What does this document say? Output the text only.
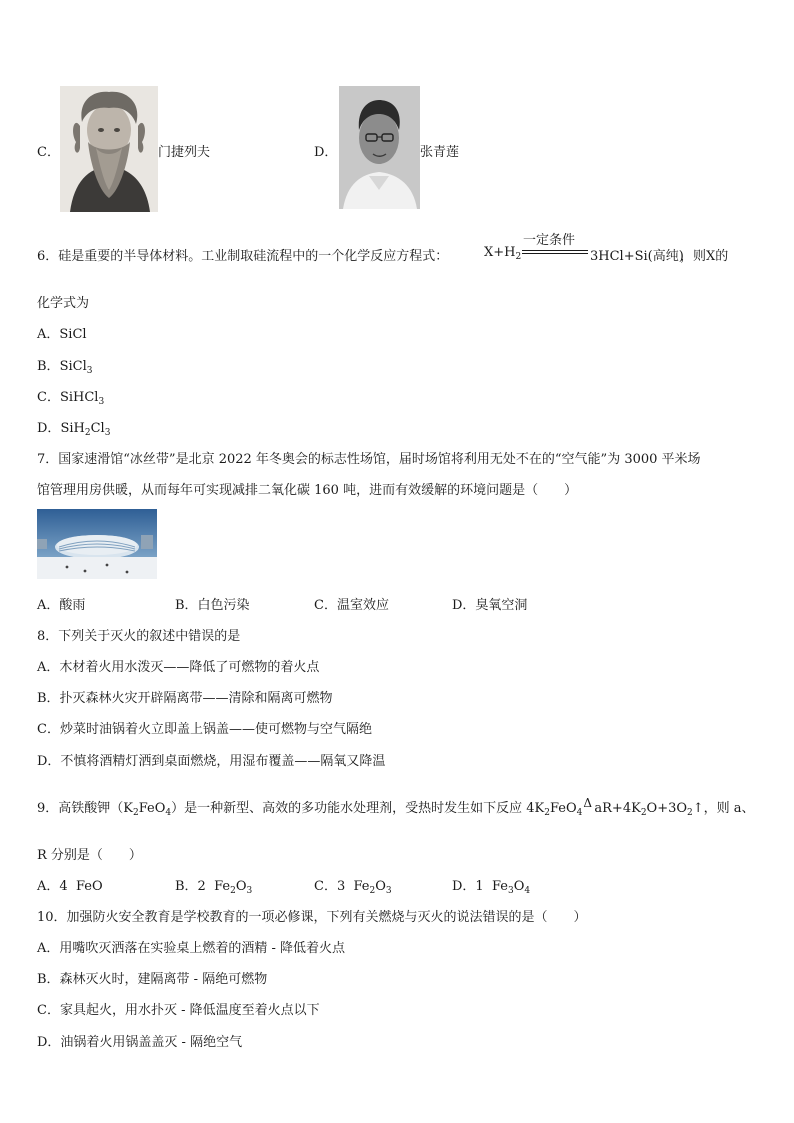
C．	门捷列夫	D．	张青莲
6．硅是重要的半导体材料。工业制取硅流程中的一个化学反应方程式：	$X+H_2$
一定条件
3HCl+Si(高纯)
，则X的
化学式为
A．SiCl
B．SiCl$_3$
C．SiHCl$_3$
D．$SiH_2Cl_3$
7．国家速滑馆“冰丝带”是北京 2022 年冬奥会的标志性场馆，届时场馆将利用无处不在的“空气能”为 3000 平米场
馆管理用房供暖，从而每年可实现减排二氧化碳 160 吨，进而有效缓解的环境问题是（　　）
A．酸雨	B．白色污染	C．温室效应	D．臭氧空洞
8．下列关于灭火的叙述中错误的是
A．木材着火用水泼灭——降低了可燃物的着火点
B．扑灭森林火灾开辟隔离带——清除和隔离可燃物
C．炒菜时油锅着火立即盖上锅盖——使可燃物与空气隔绝
D．不慎将酒精灯洒到桌面燃烧，用湿布覆盖——隔氧又降温
9．高铁酸钾$(K_2FeO_4)$是一种新型、高效的多功能水处理剂，受热时发生如下反应 $4K_2FeO_4$
Δ $aR+4K_2O+3O_2↑$，则 a、
R 分别是（　　）
A．4 FeO	B．2 $Fe_2O_3$	C．3 $Fe_2O_3$	D．1 $Fe_3O_4$
10．加强防火安全教育是学校教育的一项必修课，下列有关燃烧与灭火的说法错误的是（　　）
A．用嘴吹灭洒落在实验桌上燃着的酒精 - 降低着火点
B．森林灭火时，建隔离带 - 隔绝可燃物
C．家具起火，用水扑灭 - 降低温度至着火点以下
D．油锅着火用锅盖盖灭 - 隔绝空气
